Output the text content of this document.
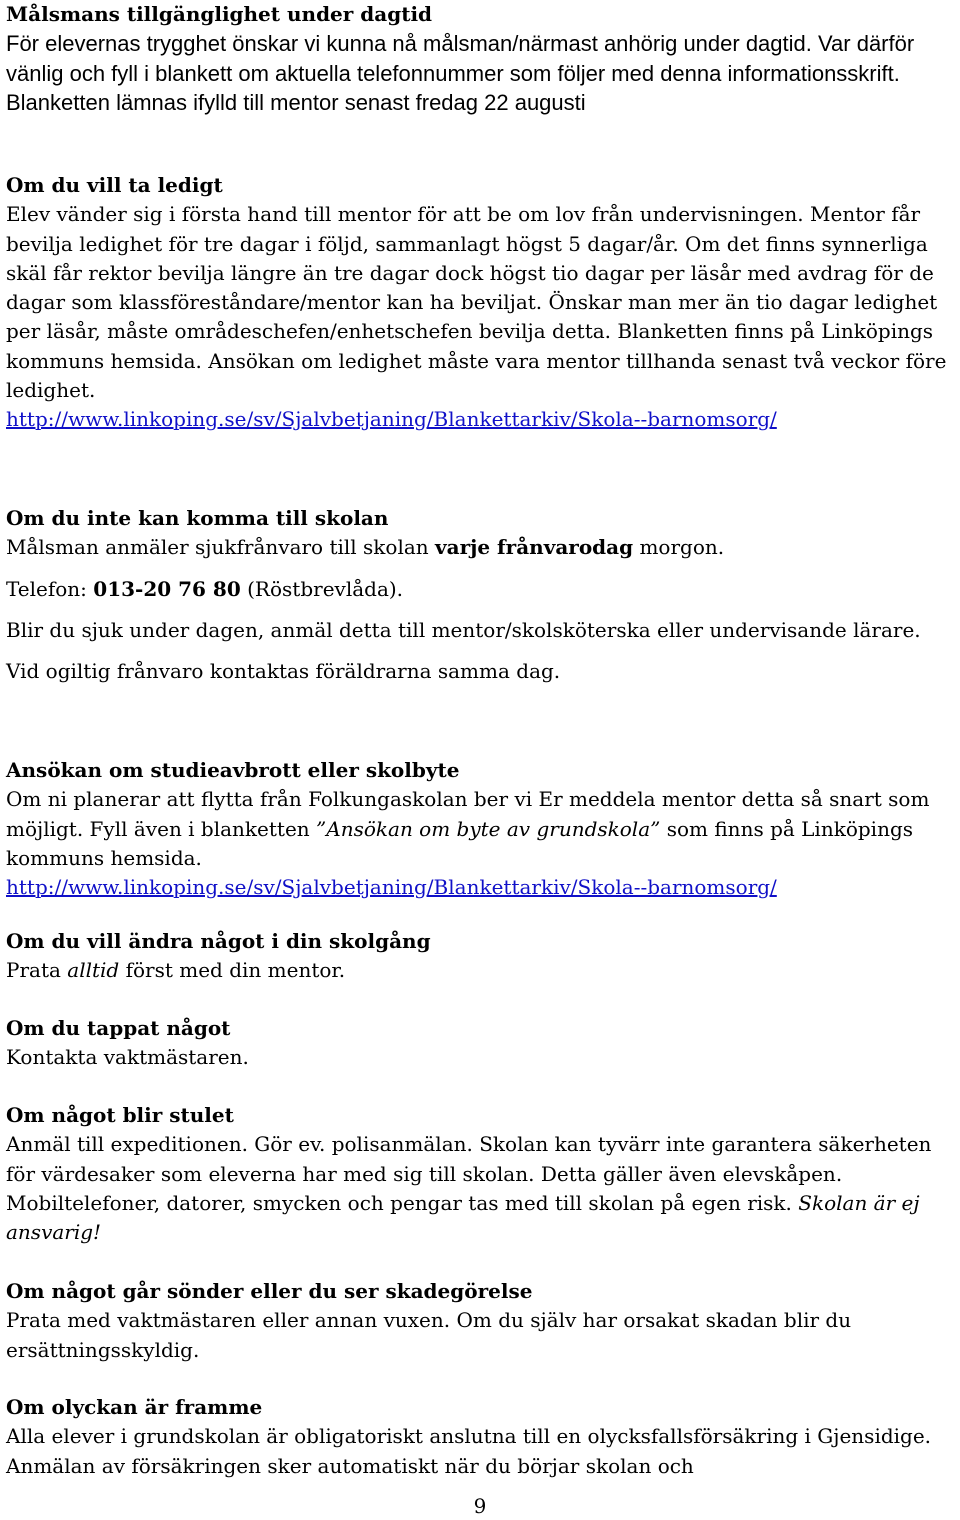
Målsmans tillgänglighet under dagtid

För elevernas trygghet önskar vi kunna nå målsman/närmast anhörig under dagtid. Var därför vänlig och fyll i blankett om aktuella telefonnummer som följer med denna informationsskrift. Blanketten lämnas ifylld till mentor senast fredag 22 augusti

Om du vill ta ledigt

Elev vänder sig i första hand till mentor för att be om lov från undervisningen. Mentor får bevilja ledighet för tre dagar i följd, sammanlagt högst 5 dagar/år. Om det finns synnerliga skäl får rektor bevilja längre än tre dagar dock högst tio dagar per läsår med avdrag för de dagar som klassföreståndare/mentor kan ha beviljat. Önskar man mer än tio dagar ledighet per läsår, måste områdeschefen/enhetschefen bevilja detta. Blanketten finns på Linköpings kommuns hemsida. Ansökan om ledighet måste vara mentor tillhanda senast två veckor före ledighet.

http://www.linkoping.se/sv/Sjalvbetjaning/Blankettarkiv/Skola--barnomsorg/

Om du inte kan komma till skolan

Målsman anmäler sjukfrånvaro till skolan varje frånvarodag morgon.

Telefon: 013-20 76 80 (Röstbrevlåda).

Blir du sjuk under dagen, anmäl detta till mentor/skolsköterska eller undervisande lärare.

Vid ogiltig frånvaro kontaktas föräldrarna samma dag.

Ansökan om studieavbrott eller skolbyte

Om ni planerar att flytta från Folkungaskolan ber vi Er meddela mentor detta så snart som möjligt. Fyll även i blanketten ”Ansökan om byte av grundskola” som finns på Linköpings kommuns hemsida.

http://www.linkoping.se/sv/Sjalvbetjaning/Blankettarkiv/Skola--barnomsorg/

Om du vill ändra något i din skolgång

Prata alltid först med din mentor.

Om du tappat något

Kontakta vaktmästaren.

Om något blir stulet

Anmäl till expeditionen. Gör ev. polisanmälan. Skolan kan tyvärr inte garantera säkerheten för värdesaker som eleverna har med sig till skolan. Detta gäller även elevskåpen. Mobiltelefoner, datorer, smycken och pengar tas med till skolan på egen risk. Skolan är ej ansvarig!

Om något går sönder eller du ser skadegörelse

Prata med vaktmästaren eller annan vuxen. Om du själv har orsakat skadan blir du ersättningsskyldig.

Om olyckan är framme

Alla elever i grundskolan är obligatoriskt anslutna till en olycksfallsförsäkring i Gjensidige. Anmälan av försäkringen sker automatiskt när du börjar skolan och

9
